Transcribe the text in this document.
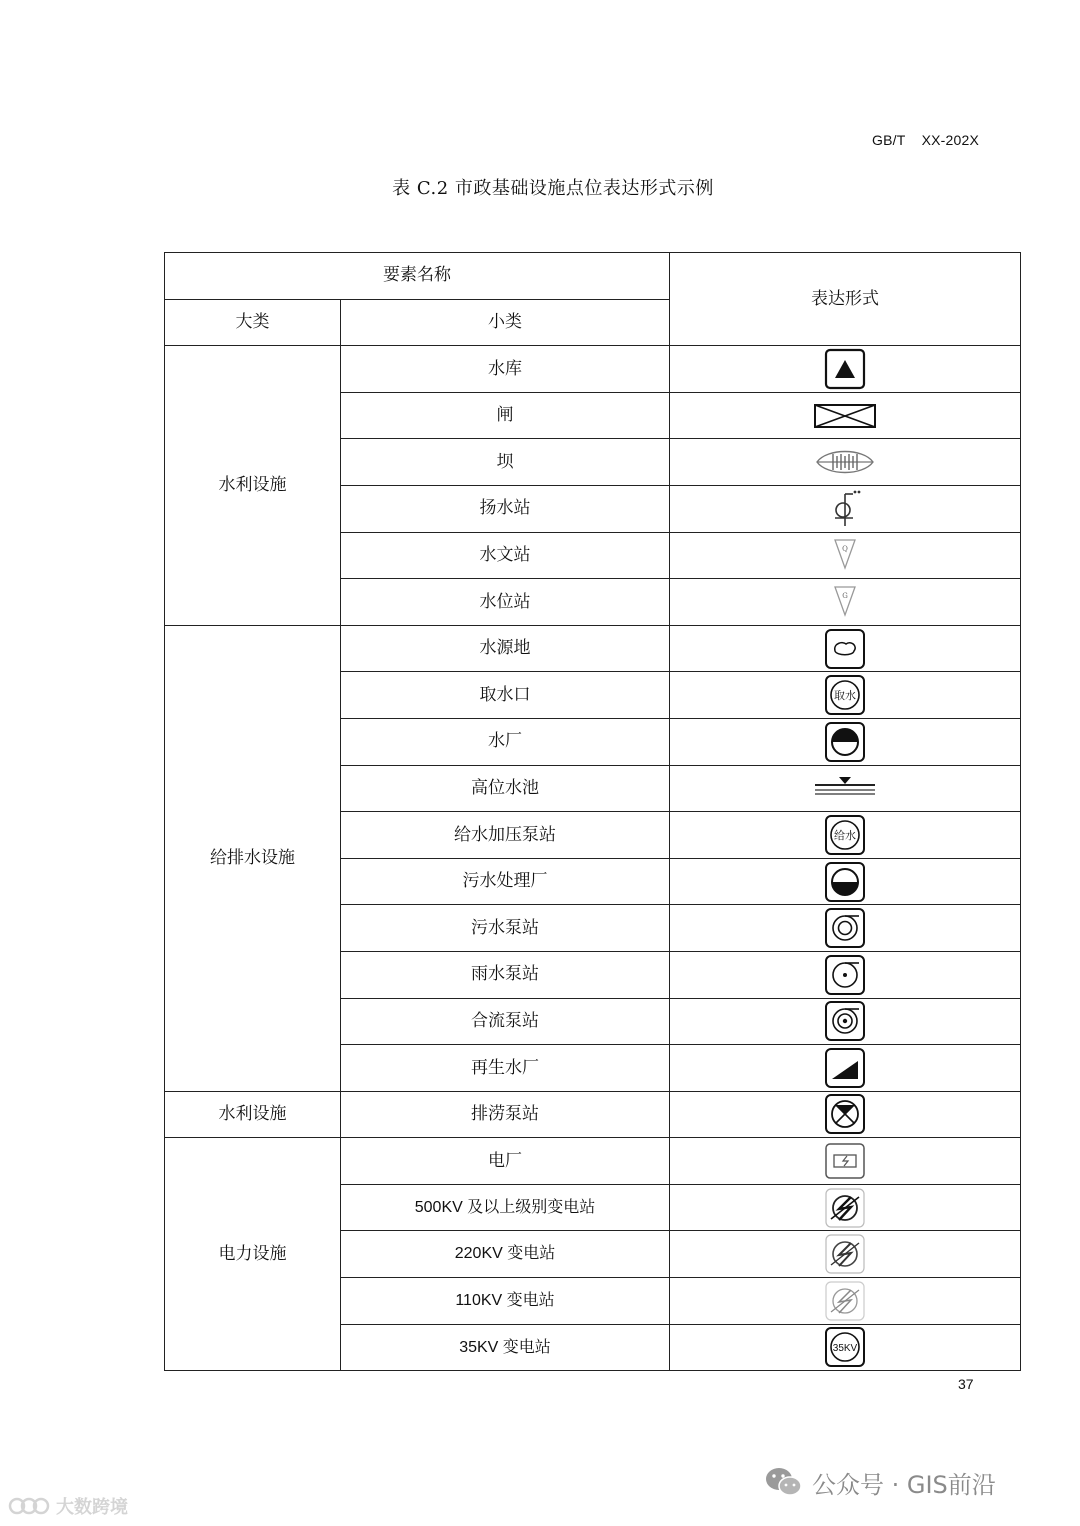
GB/T    XX-202X
表 C.2 市政基础设施点位表达形式示例
要素名称		表达形式
大类	小类	
水利设施	水库	

	闸	

	坝	

	扬水站	

	水文站	Q

	水位站	G

给排水设施	水源地	

	取水口	取水

	水厂	

	高位水池	

	给水加压泵站	给水

	污水处理厂	

	污水泵站	

	雨水泵站	

	合流泵站	

	再生水厂	

水利设施	排涝泵站	

电力设施	电厂	

	500KV 及以上级别变电站	

	220KV 变电站	

	110KV 变电站	

	35KV 变电站	35KV
37
公众号 · GIS前沿
大数跨境
